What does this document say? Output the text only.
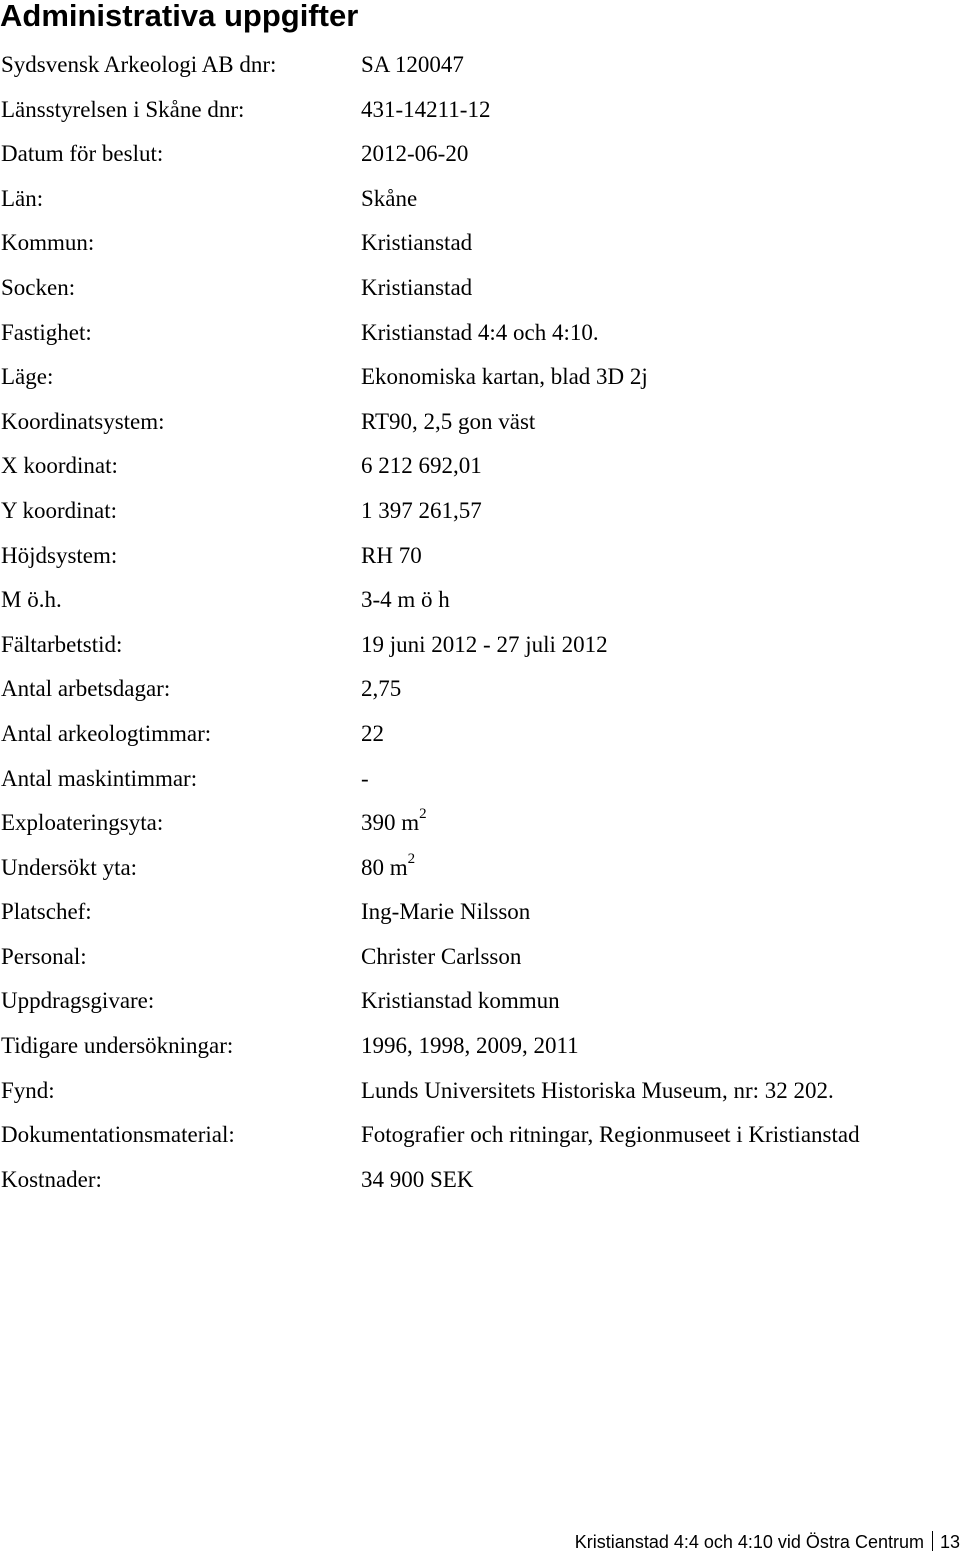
Administrativa uppgifter
Sydsvensk Arkeologi AB dnr:	SA 120047
Länsstyrelsen i Skåne dnr:	431-14211-12
Datum för beslut:	2012-06-20
Län:	Skåne
Kommun:	Kristianstad
Socken:	Kristianstad
Fastighet:	Kristianstad 4:4 och 4:10.
Läge:	Ekonomiska kartan, blad 3D 2j
Koordinatsystem:	RT90, 2,5 gon väst
X koordinat:	6 212 692,01
Y koordinat:	1 397 261,57
Höjdsystem:	RH 70
M ö.h.	3-4 m ö h
Fältarbetstid:	19 juni 2012 - 27 juli 2012
Antal arbetsdagar:	2,75
Antal arkeologtimmar:	22
Antal maskintimmar:	-
Exploateringsyta:	390 $m^2$
Undersökt yta:	80 $m^2$
Platschef:	Ing-Marie Nilsson
Personal:	Christer Carlsson
Uppdragsgivare:	Kristianstad kommun
Tidigare undersökningar:	1996, 1998, 2009, 2011
Fynd:	Lunds Universitets Historiska Museum, nr: 32 202.
Dokumentationsmaterial:	Fotografier och ritningar, Regionmuseet i Kristianstad
Kostnader:	34 900 SEK
Kristianstad 4:4 och 4:10 vid Östra Centrum 13
